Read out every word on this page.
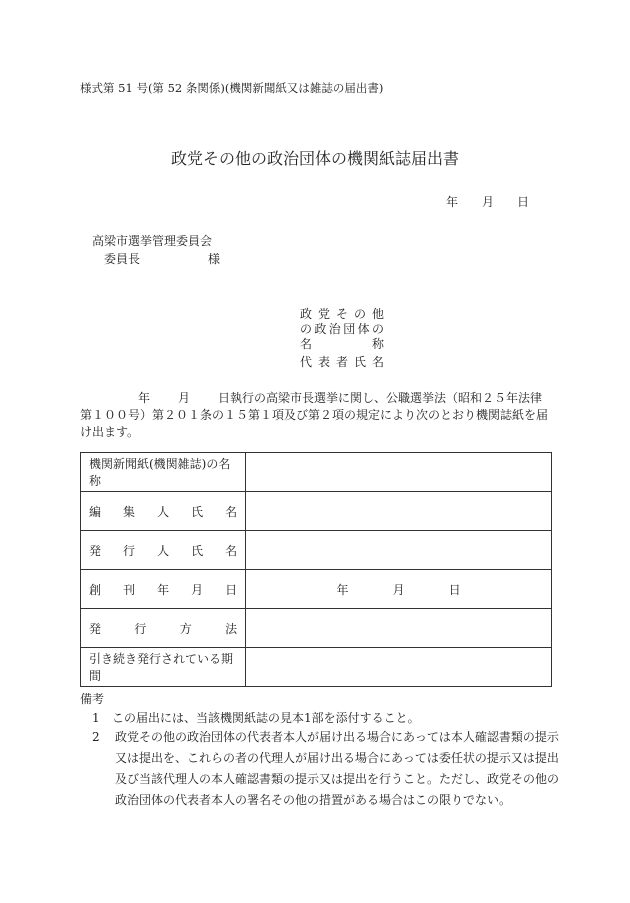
様式第 51 号(第 52 条関係)(機関新聞紙又は雑誌の届出書)
政党その他の政治団体の機関紙誌届出書
年 月 日
高梁市選挙管理委員会
委員長	様
政党その他
の政治団体の
名称
代表者氏名
年 月 日執行の高梁市長選挙に関し、公職選挙法（昭和２５年法律第１００号）第２０１条の１５第１項及び第２項の規定により次のとおり機関誌紙を届け出ます。
機関新聞紙(機関雑誌)の名称	

編集人氏名	

発行人氏名	

創刊年月日	年 月 日

発行方法	

引き続き発行されている期間	
備考
1 この届出には、当該機関紙誌の見本1部を添付すること。
2	政党その他の政治団体の代表者本人が届け出る場合にあっては本人確認書類の提示又は提出を、これらの者の代理人が届け出る場合にあっては委任状の提示又は提出及び当該代理人の本人確認書類の提示又は提出を行うこと。ただし、政党その他の政治団体の代表者本人の署名その他の措置がある場合はこの限りでない。
